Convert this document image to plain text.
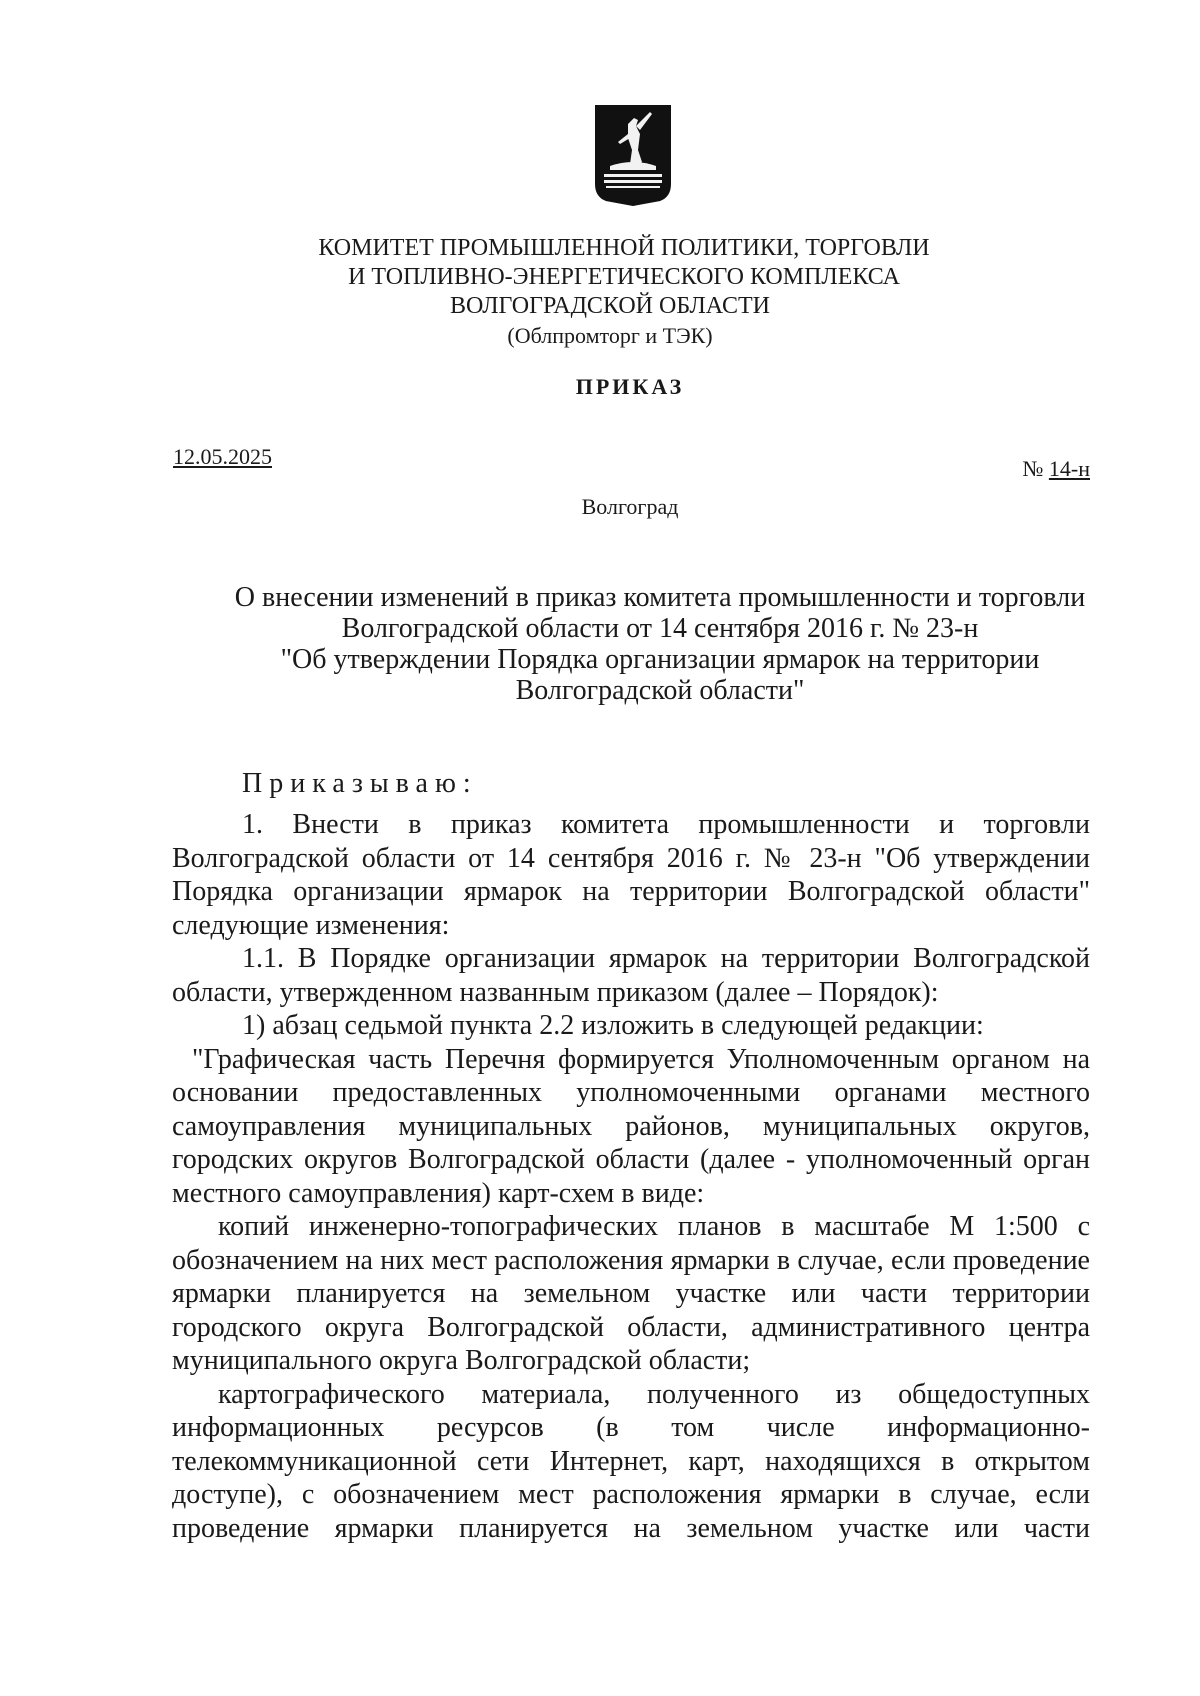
КОМИТЕТ ПРОМЫШЛЕННОЙ ПОЛИТИКИ, ТОРГОВЛИ
И ТОПЛИВНО-ЭНЕРГЕТИЧЕСКОГО КОМПЛЕКСА
ВОЛГОГРАДСКОЙ ОБЛАСТИ
(Облпромторг и ТЭК)
ПРИКАЗ
12.05.2025	№ 14-н
Волгоград
О внесении изменений в приказ комитета промышленности и торговли
Волгоградской области от 14 сентября 2016 г. № 23-н
"Об утверждении Порядка организации ярмарок на территории
Волгоградской области"
Приказываю:

1. Внести в приказ комитета промышленности и торговли Волгоградской области от 14 сентября 2016 г. № 23-н "Об утверждении Порядка организации ярмарок на территории Волгоградской области" следующие изменения:

1.1. В Порядке организации ярмарок на территории Волгоградской области, утвержденном названным приказом (далее – Порядок):

1) абзац седьмой пункта 2.2 изложить в следующей редакции:

"Графическая часть Перечня формируется Уполномоченным органом на основании предоставленных уполномоченными органами местного самоуправления муниципальных районов, муниципальных округов, городских округов Волгоградской области (далее - уполномоченный орган местного самоуправления) карт-схем в виде:

копий инженерно-топографических планов в масштабе М 1:500 с обозначением на них мест расположения ярмарки в случае, если проведение ярмарки планируется на земельном участке или части территории городского округа Волгоградской области, административного центра муниципального округа Волгоградской области;

картографического материала, полученного из общедоступных информационных ресурсов (в том числе информационно-телекоммуникационной сети Интернет, карт, находящихся в открытом доступе), с обозначением мест расположения ярмарки в случае, если проведение ярмарки планируется на земельном участке или части
